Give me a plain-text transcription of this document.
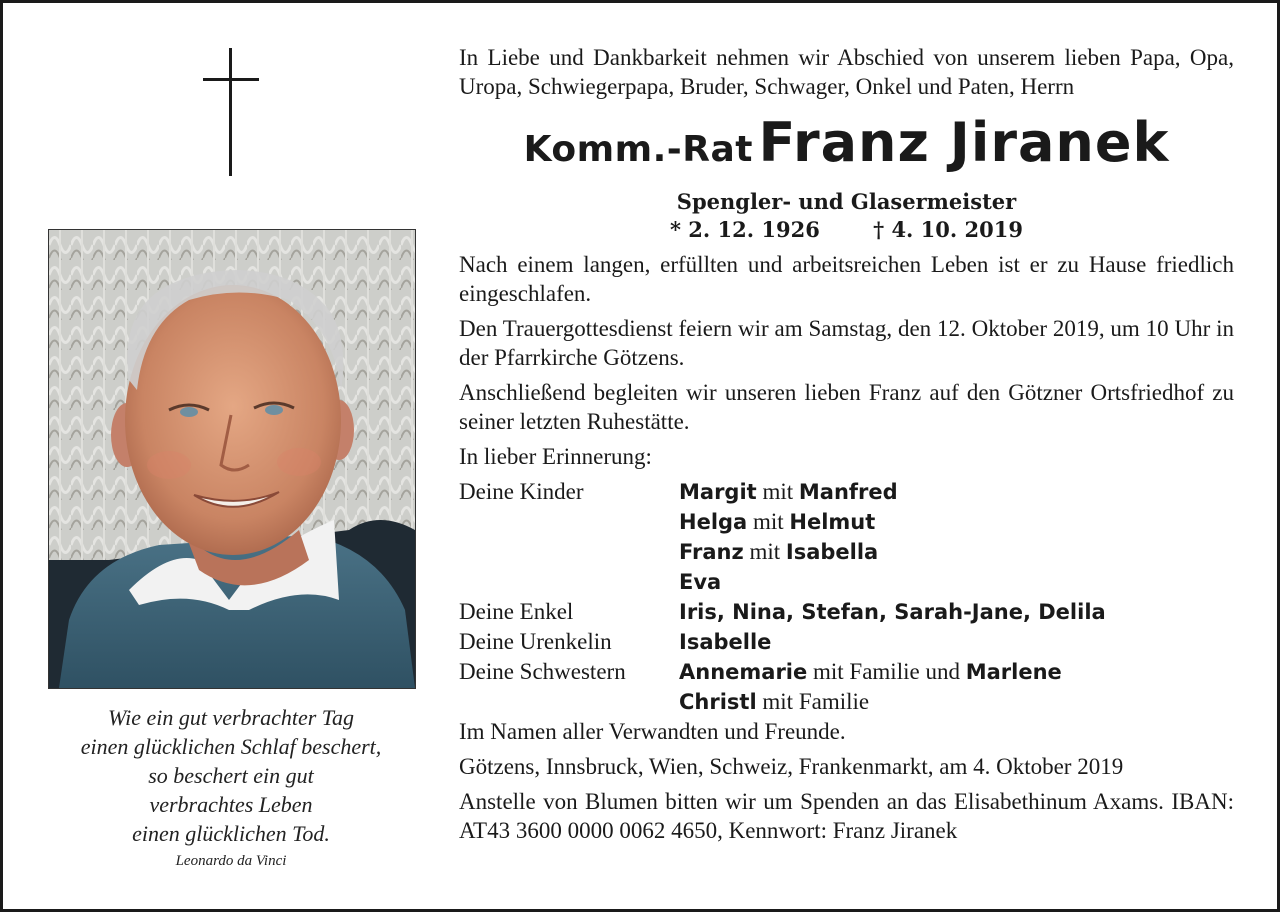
Wie ein gut verbrachter Tag
einen glücklichen Schlaf beschert,
so beschert ein gut
verbrachtes Leben
einen glücklichen Tod.
Leonardo da Vinci

In Liebe und Dankbarkeit nehmen wir Abschied von unserem lieben Papa, Opa, Uropa, Schwiegerpapa, Bruder, Schwager, Onkel und Paten, Herrn

Komm.-Rat Franz Jiranek
Spengler- und Glasermeister
* 2. 12. 1926	† 4. 10. 2019
Nach einem langen, erfüllten und arbeitsreichen Leben ist er zu Hause friedlich eingeschlafen.
Den Trauergottesdienst feiern wir am Samstag, den 12. Oktober 2019, um 10 Uhr in der Pfarrkirche Götzens.
Anschließend begleiten wir unseren lieben Franz auf den Götzner Ortsfriedhof zu seiner letzten Ruhestätte.
In lieber Erinnerung:
Deine Kinder	Margit mit Manfred
Helga mit Helmut
Franz mit Isabella
Eva
Deine Enkel	Iris, Nina, Stefan, Sarah-Jane, Delila
Deine Urenkelin	Isabelle
Deine Schwestern	Annemarie mit Familie und Marlene
Christl mit Familie
Im Namen aller Verwandten und Freunde.
Götzens, Innsbruck, Wien, Schweiz, Frankenmarkt, am 4. Oktober 2019
Anstelle von Blumen bitten wir um Spenden an das Elisabethinum Axams. IBAN: AT43 3600 0000 0062 4650, Kennwort: Franz Jiranek
